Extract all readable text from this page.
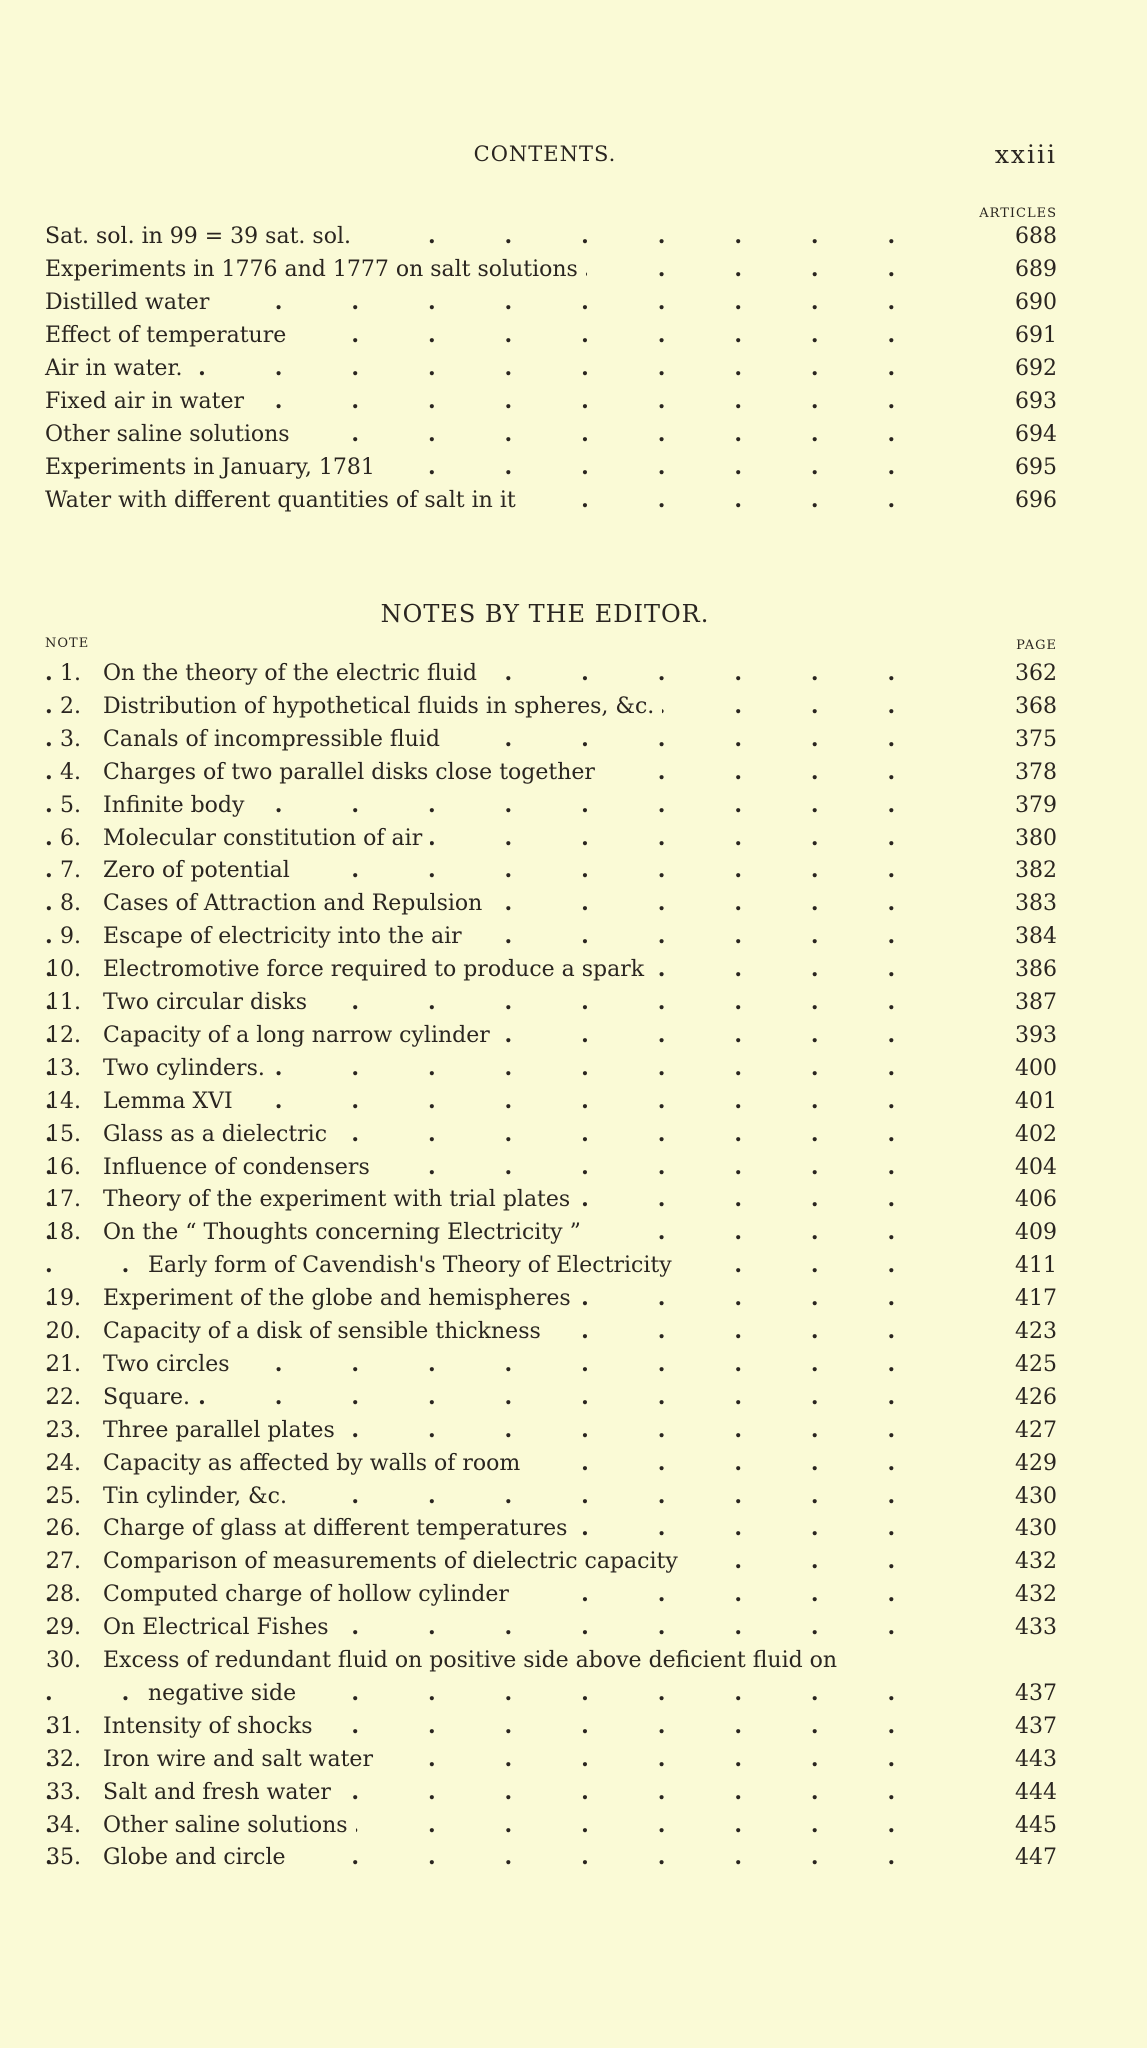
CONTENTS.	xxiii
ARTICLES
.
Sat. sol. in 99 = 39 sat. sol.	688
.
Experiments in 1776 and 1777 on salt solutions	689
.
Distilled water	690
.
Effect of temperature	691
.
Air in water.	692
.
Fixed air in water	693
.
Other saline solutions	694
.
Experiments in January, 1781	695
.
Water with different quantities of salt in it	696
NOTES BY THE EDITOR.
NOTE	PAGE
1. . On the theory of the electric fluid	362
2. . Distribution of hypothetical fluids in spheres, &c.	368
3. . Canals of incompressible fluid	375
4. . Charges of two parallel disks close together	378
5. . Infinite body	379
6. . Molecular constitution of air	380
7. . Zero of potential	382
8. . Cases of Attraction and Repulsion	383
9. . Escape of electricity into the air	384
10. . Electromotive force required to produce a spark	386
11. . Two circular disks	387
12. . Capacity of a long narrow cylinder	393
13. . Two cylinders.	400
14. . Lemma XVI	401
15. . Glass as a dielectric	402
16. . Influence of condensers	404
17. . Theory of the experiment with trial plates	406
18. . On the “ Thoughts concerning Electricity ”	409
.
Early form of Cavendish's Theory of Electricity	411
19. . Experiment of the globe and hemispheres	417
20. . Capacity of a disk of sensible thickness	423
21. . Two circles	425
22. . Square.	426
23. . Three parallel plates	427
24. . Capacity as affected by walls of room	429
25. . Tin cylinder, &c.	430
26. . Charge of glass at different temperatures	430
27. . Comparison of measurements of dielectric capacity	432
28. . Computed charge of hollow cylinder	432
29. . On Electrical Fishes	433
30. Excess of redundant fluid on positive side above deficient fluid on
.
negative side	437
31. . Intensity of shocks	437
32. . Iron wire and salt water	443
33. . Salt and fresh water	444
34. . Other saline solutions	445
35. . Globe and circle	447
